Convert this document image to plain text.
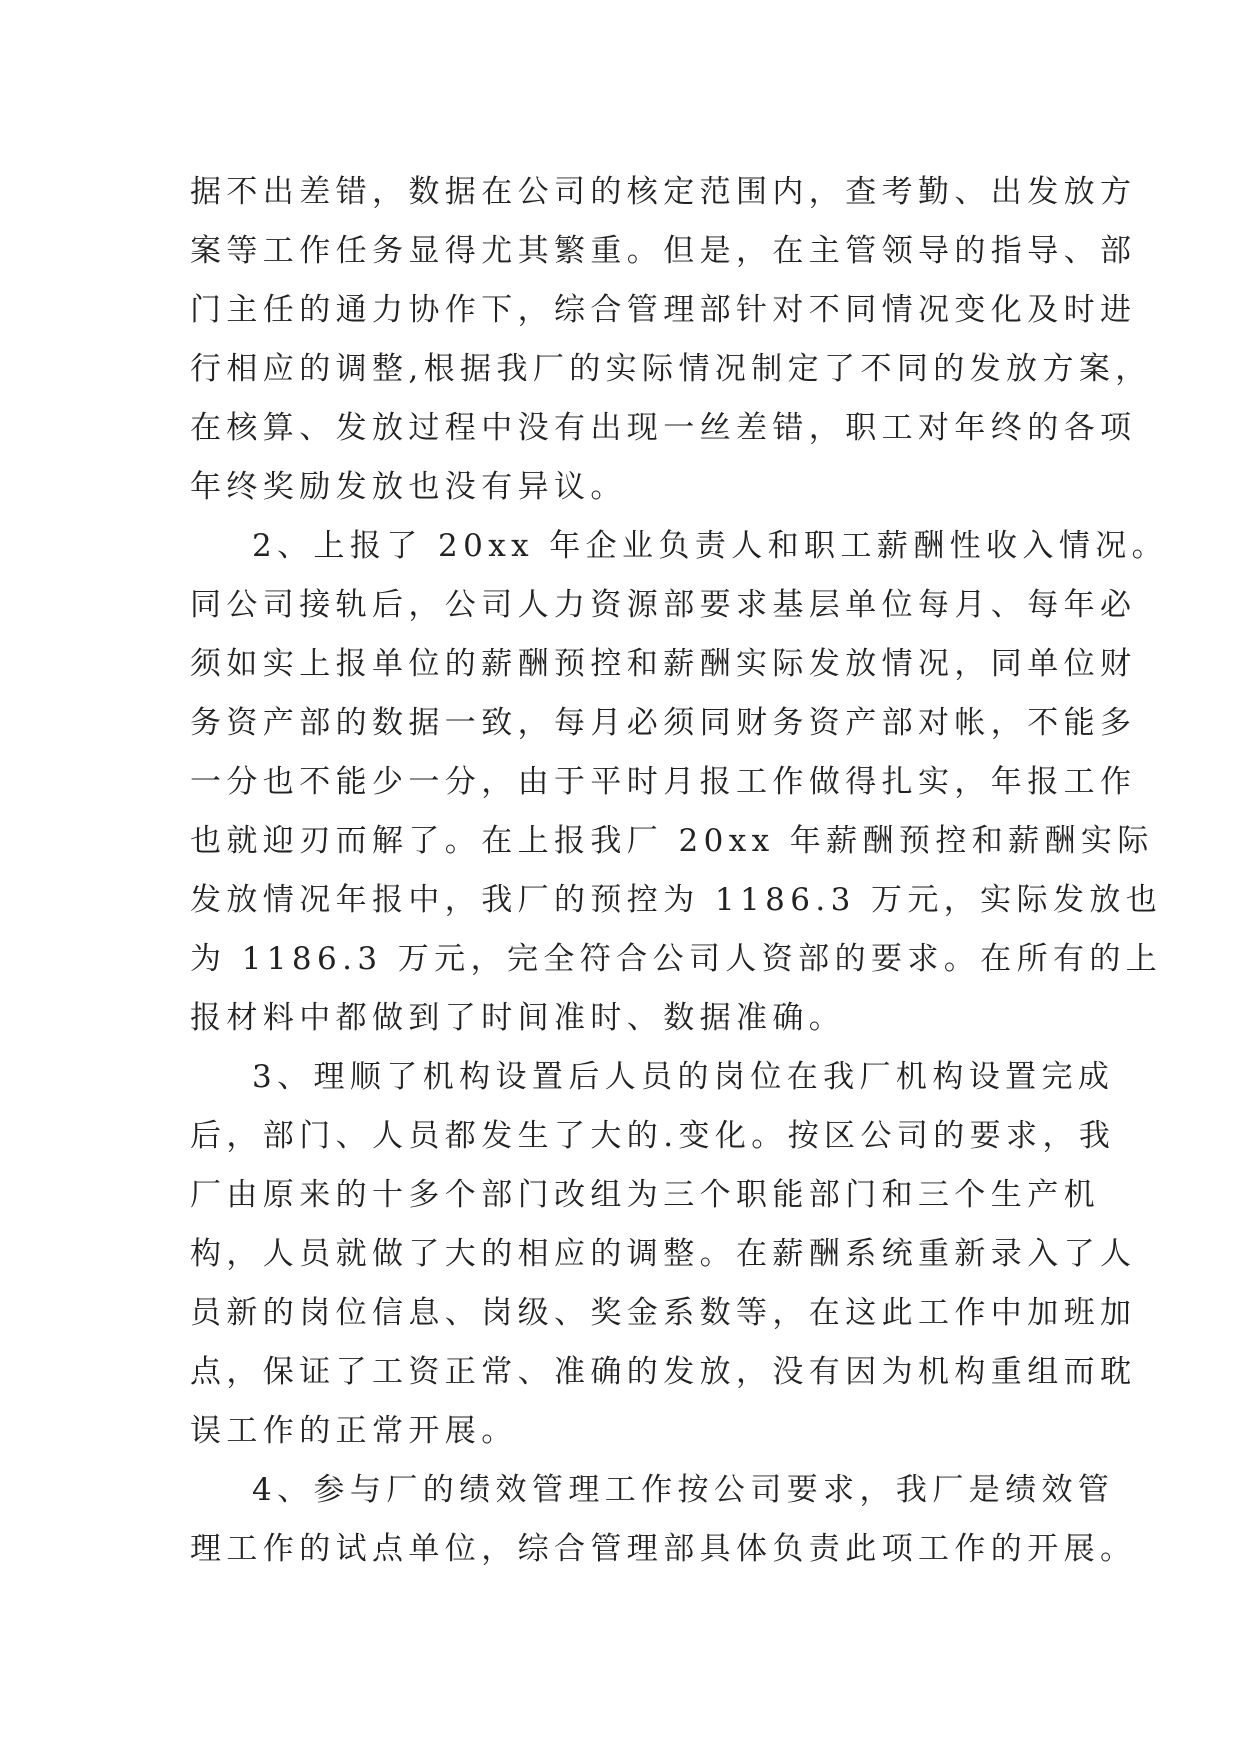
据不出差错，数据在公司的核定范围内，查考勤、出发放方
案等工作任务显得尤其繁重。但是，在主管领导的指导、部
门主任的通力协作下，综合管理部针对不同情况变化及时进
行相应的调整,根据我厂的实际情况制定了不同的发放方案，
在核算、发放过程中没有出现一丝差错，职工对年终的各项
年终奖励发放也没有异议。
2、上报了 20xx 年企业负责人和职工薪酬性收入情况。
同公司接轨后，公司人力资源部要求基层单位每月、每年必
须如实上报单位的薪酬预控和薪酬实际发放情况，同单位财
务资产部的数据一致，每月必须同财务资产部对帐，不能多
一分也不能少一分，由于平时月报工作做得扎实，年报工作
也就迎刃而解了。在上报我厂 20xx 年薪酬预控和薪酬实际
发放情况年报中，我厂的预控为 1186.3 万元，实际发放也
为 1186.3 万元，完全符合公司人资部的要求。在所有的上
报材料中都做到了时间准时、数据准确。
3、理顺了机构设置后人员的岗位在我厂机构设置完成
后，部门、人员都发生了大的.变化。按区公司的要求，我
厂由原来的十多个部门改组为三个职能部门和三个生产机
构，人员就做了大的相应的调整。在薪酬系统重新录入了人
员新的岗位信息、岗级、奖金系数等，在这此工作中加班加
点，保证了工资正常、准确的发放，没有因为机构重组而耽
误工作的正常开展。
4、参与厂的绩效管理工作按公司要求，我厂是绩效管
理工作的试点单位，综合管理部具体负责此项工作的开展。
